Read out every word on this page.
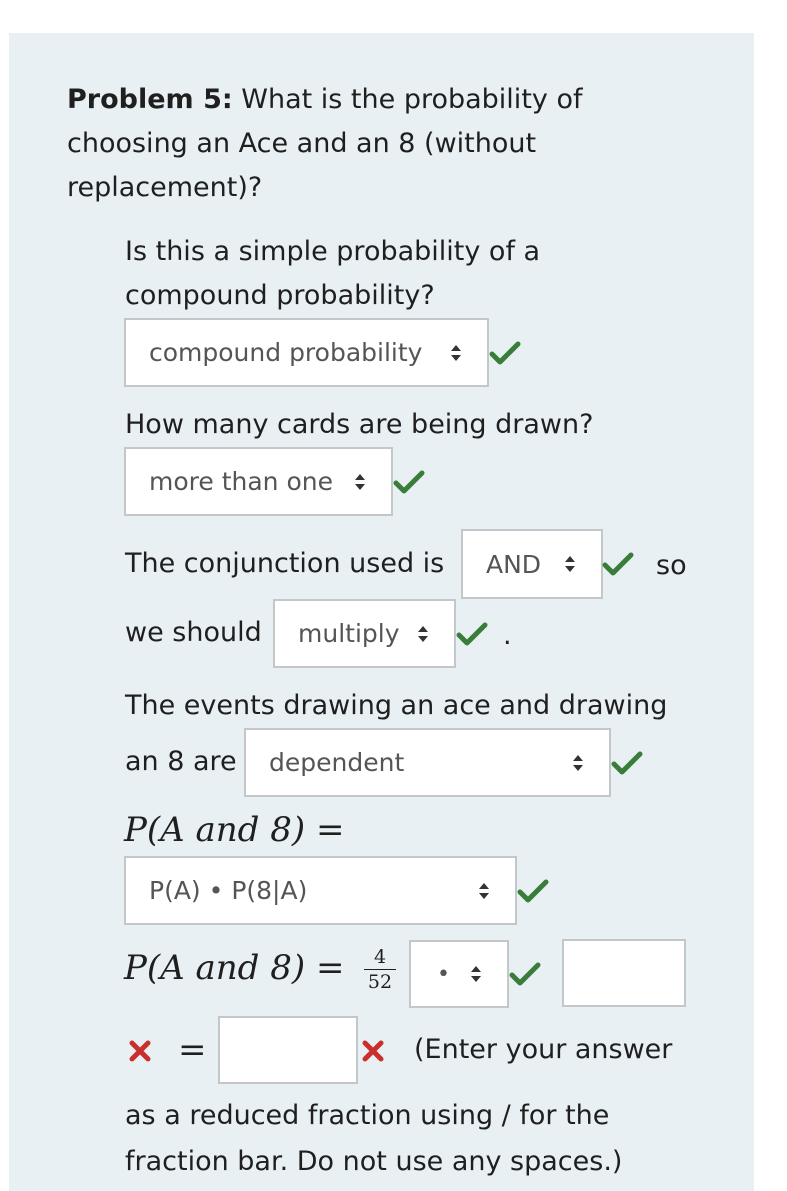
Problem 5: What is the probability of
choosing an Ace and an 8 (without
replacement)?
Is this a simple probability of a
compound probability?
compound probability
How many cards are being drawn?
more than one
The conjunction used is AND	so
we should multiply	.
The events drawing an ace and drawing
an 8 are dependent
P(A and 8) =
P(A) • P(8|A)
P(A and 8) =	4
52 •
=	(Enter your answer
as a reduced fraction using / for the
fraction bar. Do not use any spaces.)
